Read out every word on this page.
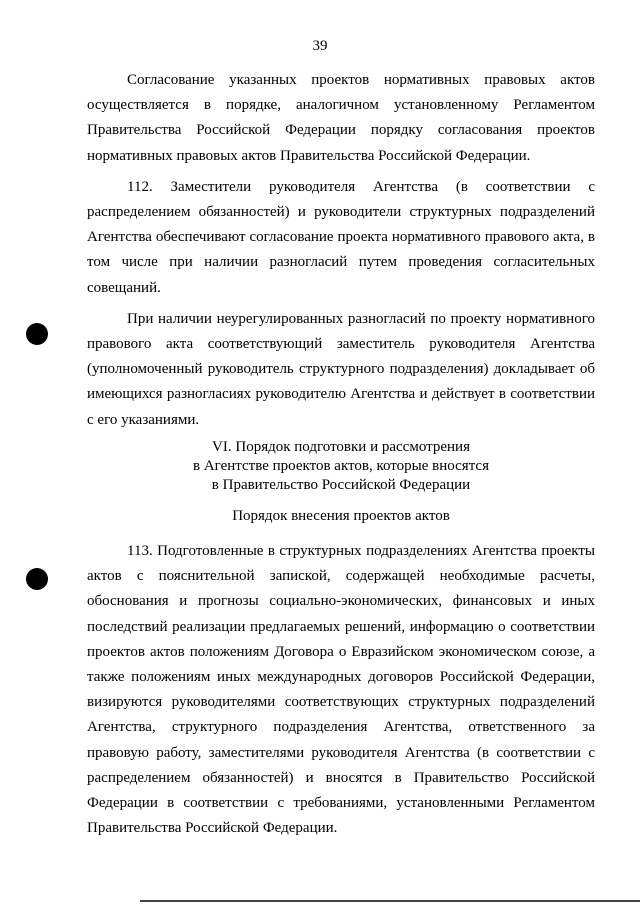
39

Согласование указанных проектов нормативных правовых актов осуществляется в порядке, аналогичном установленному Регламентом Правительства Российской Федерации порядку согласования проектов нормативных правовых актов Правительства Российской Федерации.

112. Заместители руководителя Агентства (в соответствии с распределением обязанностей) и руководители структурных подразделений Агентства обеспечивают согласование проекта нормативного правового акта, в том числе при наличии разногласий путем проведения согласительных совещаний.

При наличии неурегулированных разногласий по проекту нормативного правового акта соответствующий заместитель руководителя Агентства (уполномоченный руководитель структурного подразделения) докладывает об имеющихся разногласиях руководителю Агентства и действует в соответствии с его указаниями.

VI. Порядок подготовки и рассмотрения
в Агентстве проектов актов, которые вносятся
в Правительство Российской Федерации
Порядок внесения проектов актов

113. Подготовленные в структурных подразделениях Агентства проекты актов с пояснительной запиской, содержащей необходимые расчеты, обоснования и прогнозы социально-экономических, финансовых и иных последствий реализации предлагаемых решений, информацию о соответствии проектов актов положениям Договора о Евразийском экономическом союзе, а также положениям иных международных договоров Российской Федерации, визируются руководителями соответствующих структурных подразделений Агентства, структурного подразделения Агентства, ответственного за правовую работу, заместителями руководителя Агентства (в соответствии с распределением обязанностей) и вносятся в Правительство Российской Федерации в соответствии с требованиями, установленными Регламентом Правительства Российской Федерации.
